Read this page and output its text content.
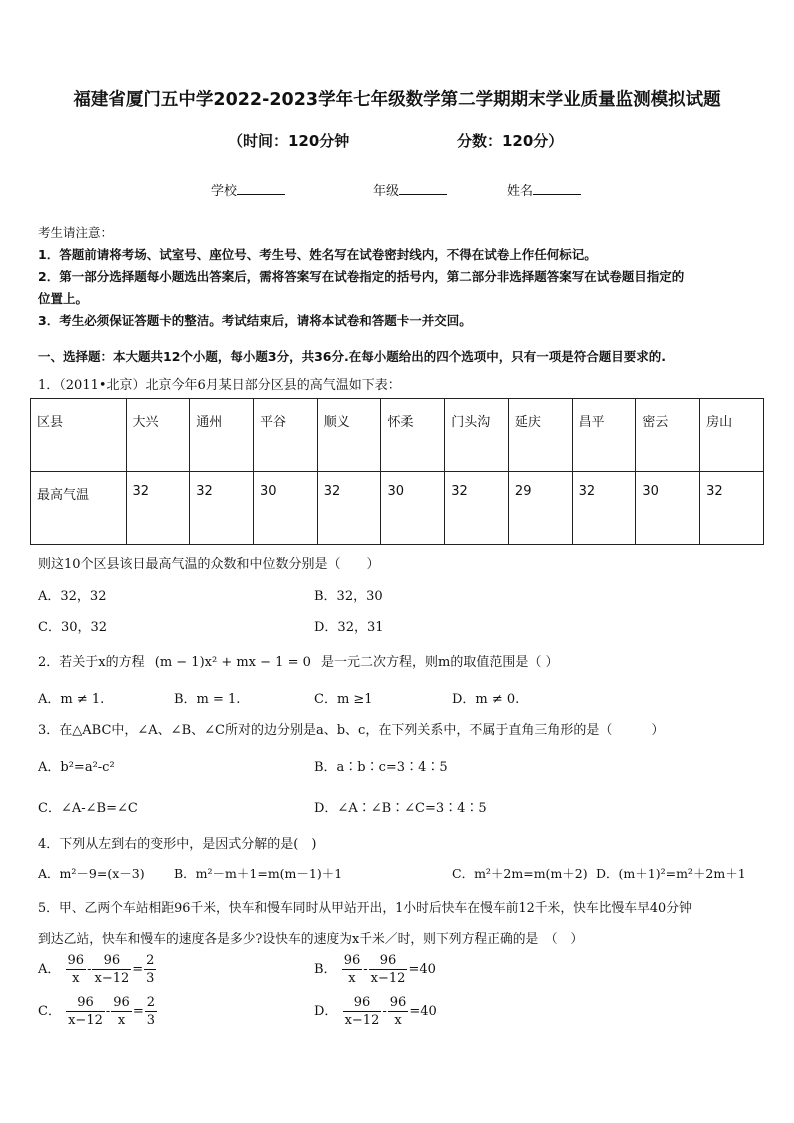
福建省厦门五中学2022-2023学年七年级数学第二学期期末学业质量监测模拟试题
（时间：120分钟	分数：120分）
学校	年级	姓名
考生请注意：
1．答题前请将考场、试室号、座位号、考生号、姓名写在试卷密封线内，不得在试卷上作任何标记。
2．第一部分选择题每小题选出答案后，需将答案写在试卷指定的括号内，第二部分非选择题答案写在试卷题目指定的
位置上。
3．考生必须保证答题卡的整洁。考试结束后，请将本试卷和答题卡一并交回。
一、选择题：本大题共12个小题，每小题3分，共36分.在每小题给出的四个选项中，只有一项是符合题目要求的.
1．（2011•北京）北京今年6月某日部分区县的高气温如下表：
区县	大兴	通州	平谷	顺义	怀柔	门头沟	延庆	昌平	密云	房山
最高气温	32	32	30	32	30	32	29	32	30	32
则这10个区县该日最高气温的众数和中位数分别是（　　）
A．32，32	B．32，30
C．30，32	D．32，31
2．若关于x的方程 (m − 1)x² + mx − 1 = 0 是一元二次方程，则m的取值范围是（ ）
A．m ≠ 1.	B．m = 1.	C．m ≥1	D．m ≠ 0.
3．在△ABC中，∠A、∠B、∠C所对的边分别是a、b、c，在下列关系中，不属于直角三角形的是（　　　）
A．b²=a²-c²	B．a∶b∶c=3∶4∶5
C．∠A-∠B=∠C	D．∠A∶∠B∶∠C=3∶4∶5
4．下列从左到右的变形中，是因式分解的是(　)
A．m²－9=(x－3) B．m²－m＋1=m(m－1)＋1	C．m²＋2m=m(m＋2) D．(m＋1)²=m²＋2m＋1
5．甲、乙两个车站相距96千米，快车和慢车同时从甲站开出，1小时后快车在慢车前12千米，快车比慢车早40分钟
到达乙站，快车和慢车的速度各是多少?设快车的速度为x千米／时，则下列方程正确的是　（　）
A． $\frac{96}{x} - \frac{96}{x-12} = \frac{2}{3}$	B． $\frac{96}{x} - \frac{96}{x-12} =40$
C． $\frac{96}{x-12} - \frac{96}{x} = \frac{2}{3}$	D． $\frac{96}{x-12} - \frac{96}{x} =40$
